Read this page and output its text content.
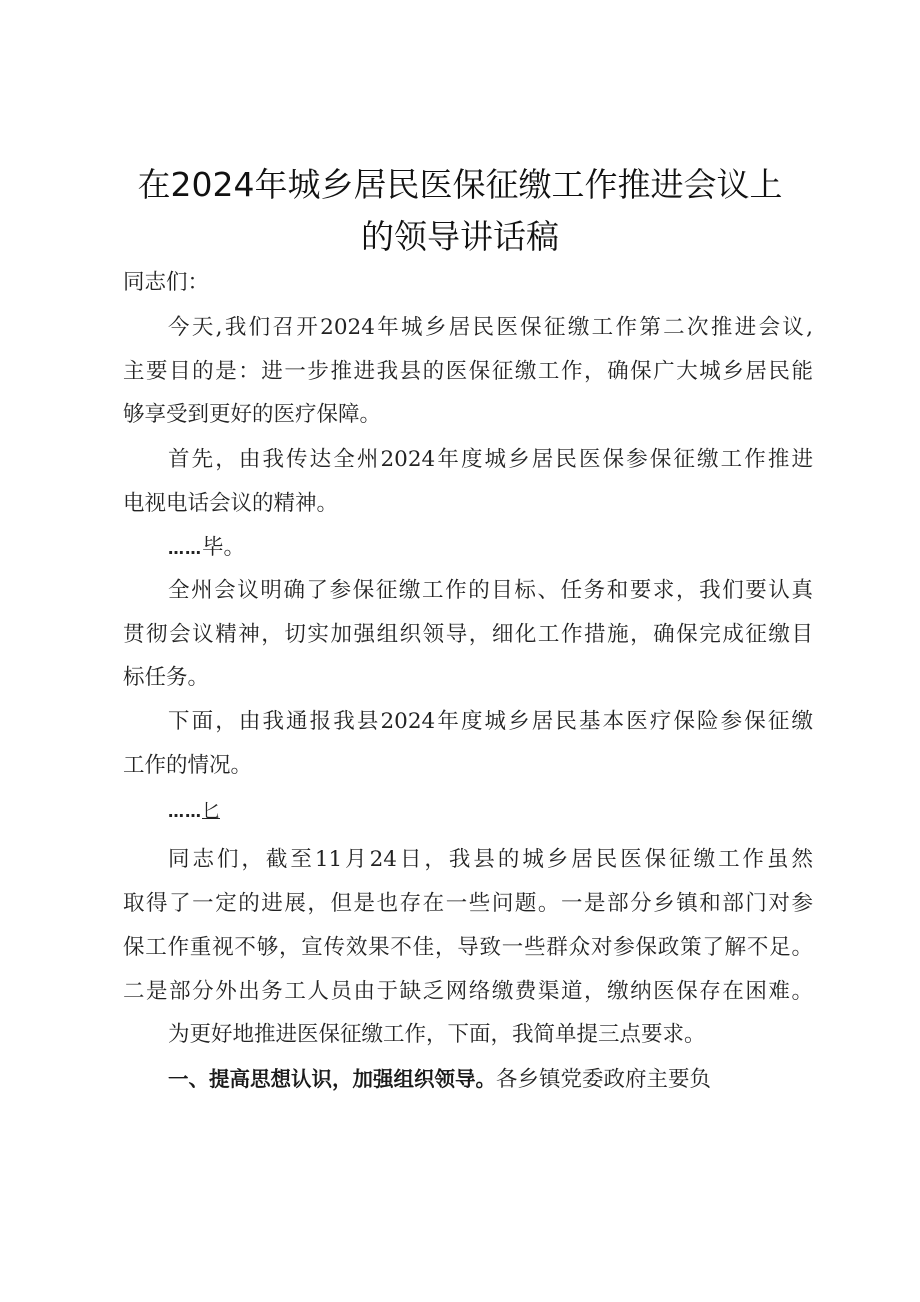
在2024年城乡居民医保征缴工作推进会议上
的领导讲话稿

同志们：

今天,我们召开2024年城乡居民医保征缴工作第二次推进会议,

主要目的是：进一步推进我县的医保征缴工作，确保广大城乡居民能

够享受到更好的医疗保障。

首先，由我传达全州2024年度城乡居民医保参保征缴工作推进

电视电话会议的精神。

……毕。

全州会议明确了参保征缴工作的目标、任务和要求，我们要认真

贯彻会议精神，切实加强组织领导，细化工作措施，确保完成征缴目

标任务。

下面，由我通报我县2024年度城乡居民基本医疗保险参保征缴

工作的情况。

……匕

同志们，截至11月24日，我县的城乡居民医保征缴工作虽然

取得了一定的进展，但是也存在一些问题。一是部分乡镇和部门对参

保工作重视不够，宣传效果不佳，导致一些群众对参保政策了解不足。

二是部分外出务工人员由于缺乏网络缴费渠道，缴纳医保存在困难。

为更好地推进医保征缴工作，下面，我简单提三点要求。

一、提高思想认识，加强组织领导。各乡镇党委政府主要负
